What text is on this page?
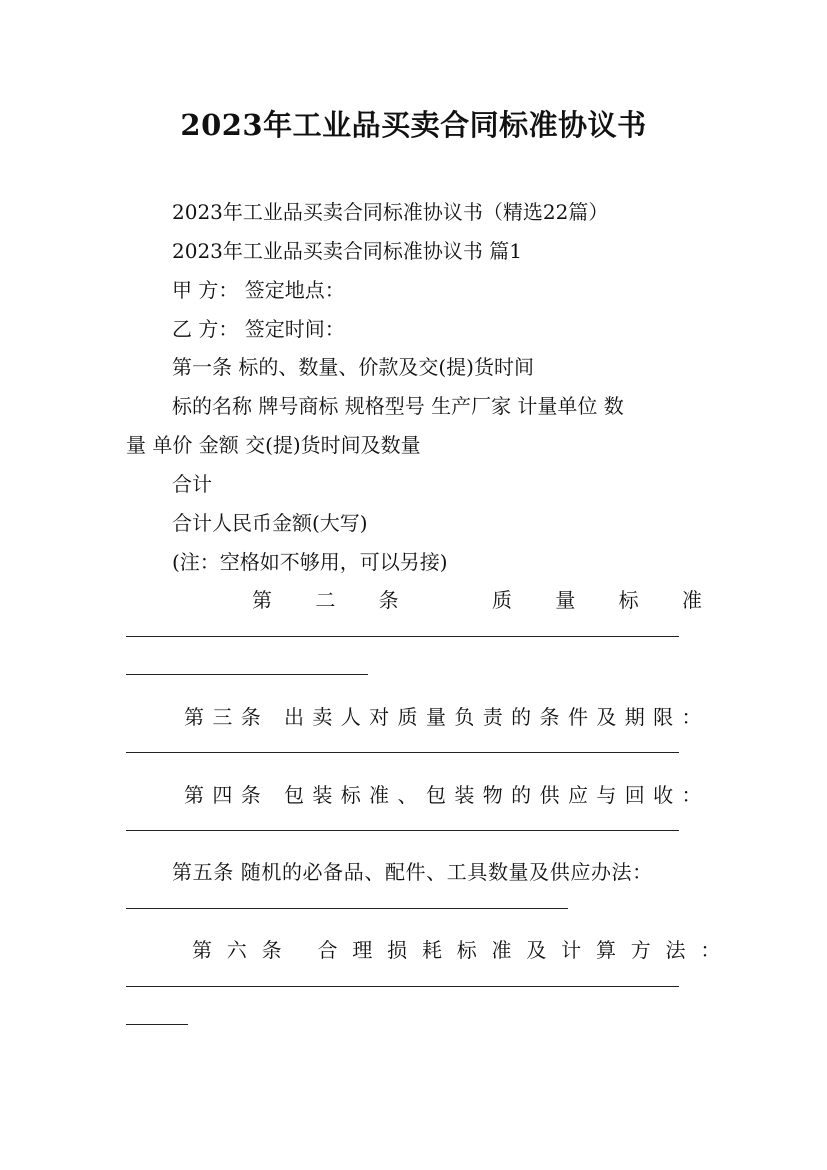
2023年工业品买卖合同标准协议书
2023年工业品买卖合同标准协议书（精选22篇）
2023年工业品买卖合同标准协议书 篇1
甲 方： 签定地点：
乙 方： 签定时间：
第一条 标的、数量、价款及交(提)货时间
标的名称 牌号商标 规格型号 生产厂家 计量单位 数
量 单价 金额 交(提)货时间及数量
合计
合计人民币金额(大写)
(注：空格如不够用，可以另接)
第 二 条	质 量 标 准
第三条 出卖人对质量负责的条件及期限：
第四条 包装标准、包装物的供应与回收：
第五条 随机的必备品、配件、工具数量及供应办法：
第六条 合理损耗标准及计算方法：
